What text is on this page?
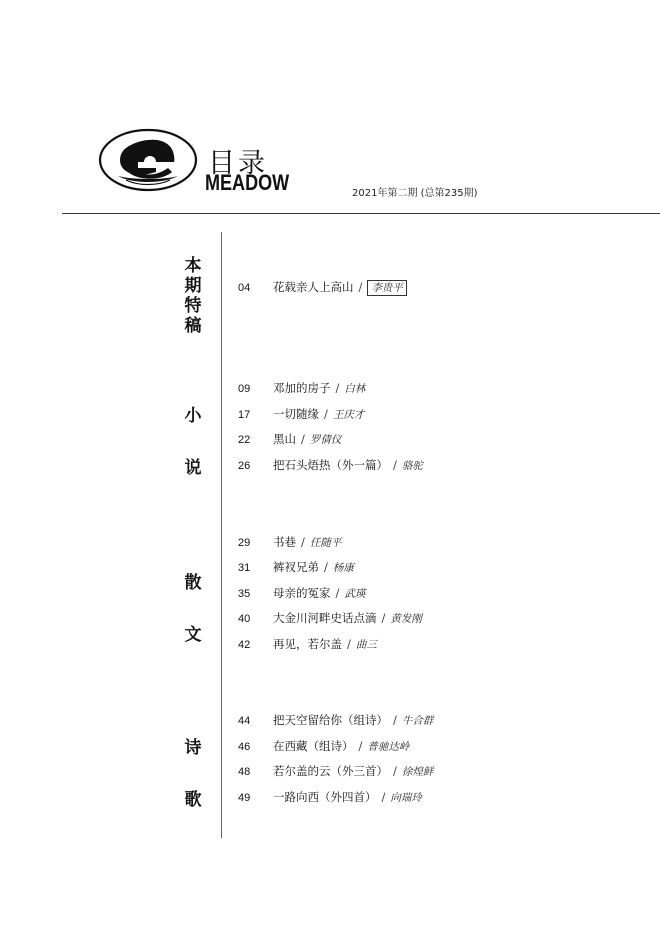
目录
MEADOW	2021年第二期 (总第235期)
本
期
特
稿
04 花载亲人上高山 / 李贵平
小
说
09 邓加的房子 / 白林
17 一切随缘 / 王庆才
22 黑山 / 罗倩仪
26 把石头焐热（外一篇） / 骆驼
散
文
29 书巷 / 任随平
31 裤衩兄弟 / 杨康
35 母亲的冤家 / 武瑛
40 大金川河畔史话点滴 / 黄发刚
42 再见，若尔盖 / 曲三
诗
歌
44 把天空留给你（组诗） / 牛合群
46 在西藏（组诗） / 普驰达岭
48 若尔盖的云（外三首） / 徐煌鲜
49 一路向西（外四首） / 向瑞玲
